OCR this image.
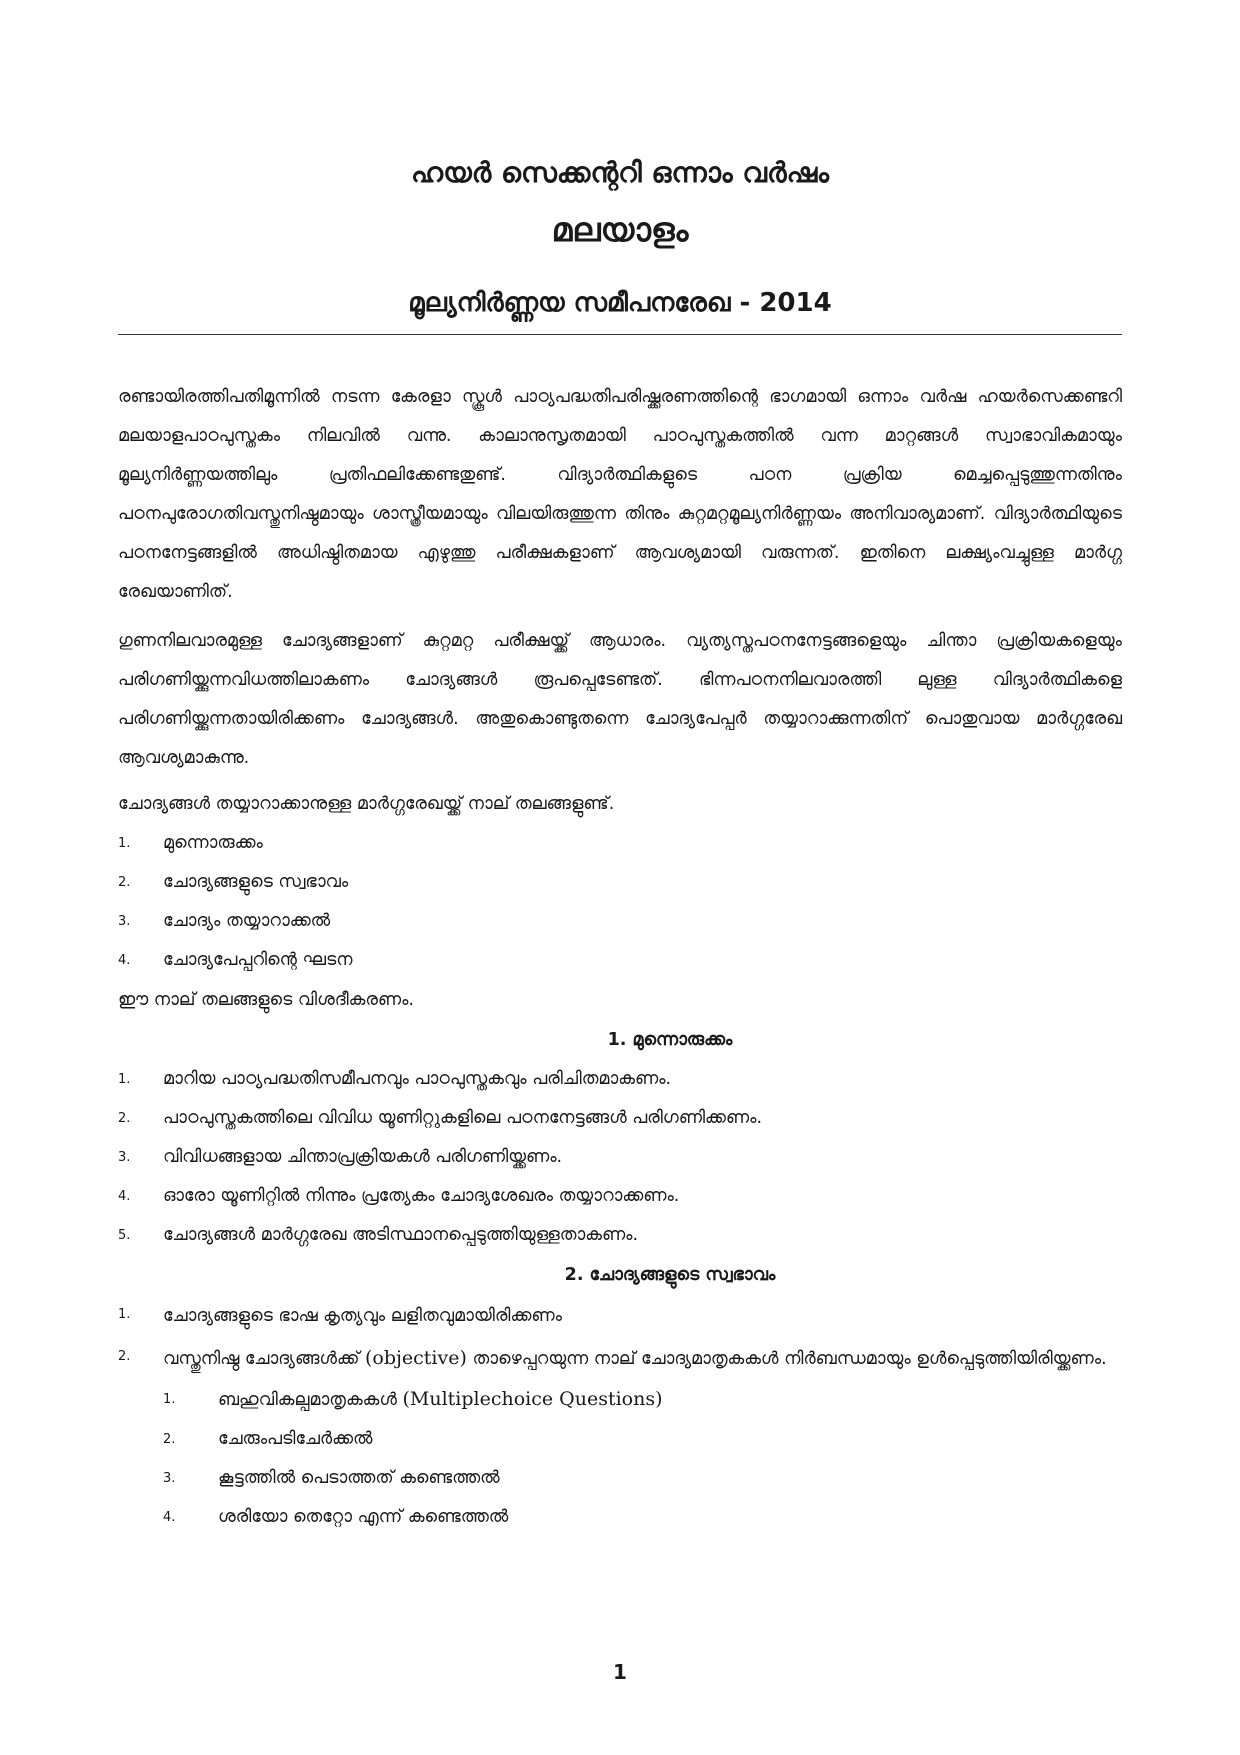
ഹയർ സെക്കന്ററി ഒന്നാം വർഷം
മലയാളം
മൂല്യനിർണ്ണയ സമീപനരേഖ - 2014

രണ്ടായിരത്തിപതിമൂന്നിൽ നടന്ന കേരളാ സ്കൂൾ പാഠ്യപദ്ധതിപരിഷ്ക്കരണത്തിന്റെ ഭാഗമായി ഒന്നാം വർഷ ഹയർസെക്കണ്ടറി മലയാളപാഠപുസ്തകം നിലവിൽ വന്നു. കാലാനുസൃതമായി പാഠപുസ്തകത്തിൽ വന്ന മാറ്റങ്ങൾ സ്വാഭാവികമായും മൂല്യനിർണ്ണയത്തിലും പ്രതിഫലിക്കേണ്ടതുണ്ട്. വിദ്യാർത്ഥികളുടെ പഠന പ്രക്രിയ മെച്ചപ്പെടുത്തുന്നതിനും പഠനപുരോഗതിവസ്തുനിഷ്ഠമായും ശാസ്ത്രീയമായും വിലയിരുത്തുന്ന തിനും കുറ്റമറ്റമൂല്യനിർണ്ണയം അനിവാര്യമാണ്. വിദ്യാർത്ഥിയുടെ പഠനനേട്ടങ്ങളിൽ അധിഷ്ഠിതമായ എഴുത്തു പരീക്ഷകളാണ് ആവശ്യമായി വരുന്നത്. ഇതിനെ ലക്ഷ്യംവച്ചുള്ള മാർഗ്ഗ രേഖയാണിത്.

ഗുണനിലവാരമുള്ള ചോദ്യങ്ങളാണ് കുറ്റമറ്റ പരീക്ഷയ്ക്ക് ആധാരം. വ്യത്യസ്തപഠനനേട്ടങ്ങളെയും ചിന്താ പ്രക്രിയകളെയും പരിഗണിയ്ക്കുന്നവിധത്തിലാകണം ചോദ്യങ്ങൾ രൂപപ്പെടേണ്ടത്. ഭിന്നപഠനനിലവാരത്തി ലുള്ള വിദ്യാർത്ഥികളെ പരിഗണിയ്ക്കുന്നതായിരിക്കണം ചോദ്യങ്ങൾ. അതുകൊണ്ടുതന്നെ ചോദ്യപേപ്പർ തയ്യാറാക്കുന്നതിന് പൊതുവായ മാർഗ്ഗരേഖ ആവശ്യമാകുന്നു.

ചോദ്യങ്ങൾ തയ്യാറാക്കാനുള്ള മാർഗ്ഗരേഖയ്ക്ക് നാല് തലങ്ങളുണ്ട്.

1.	മുന്നൊരുക്കം
2.	ചോദ്യങ്ങളുടെ സ്വഭാവം
3.	ചോദ്യം തയ്യാറാക്കൽ
4.	ചോദ്യപേപ്പറിന്റെ ഘടന

ഈ നാല് തലങ്ങളുടെ വിശദീകരണം.

1. മുന്നൊരുക്കം
1.	മാറിയ പാഠ്യപദ്ധതിസമീപനവും പാഠപുസ്തകവും പരിചിതമാകണം.
2.	പാഠപുസ്തകത്തിലെ വിവിധ യൂണിറ്റുകളിലെ പഠനനേട്ടങ്ങൾ പരിഗണിക്കണം.
3.	വിവിധങ്ങളായ ചിന്താപ്രക്രിയകൾ പരിഗണിയ്ക്കണം.
4.	ഓരോ യൂണിറ്റിൽ നിന്നും പ്രത്യേകം ചോദ്യശേഖരം തയ്യാറാക്കണം.
5.	ചോദ്യങ്ങൾ മാർഗ്ഗരേഖ അടിസ്ഥാനപ്പെടുത്തിയുള്ളതാകണം.
2. ചോദ്യങ്ങളുടെ സ്വഭാവം
1.	ചോദ്യങ്ങളുടെ ഭാഷ കൃത്യവും ലളിതവുമായിരിക്കണം
2.	വസ്തുനിഷ്ഠ ചോദ്യങ്ങൾക്ക് (objective) താഴെപ്പറയുന്ന നാല് ചോദ്യമാതൃകകൾ നിർബന്ധമായും ഉൾപ്പെടുത്തിയിരിയ്ക്കണം.
1.	ബഹുവികല്പമാതൃകകൾ (Multiplechoice Questions)
2.	ചേരുംപടിചേർക്കൽ
3.	കൂട്ടത്തിൽ പെടാത്തത് കണ്ടെത്തൽ
4.	ശരിയോ തെറ്റോ എന്ന് കണ്ടെത്തൽ
1
